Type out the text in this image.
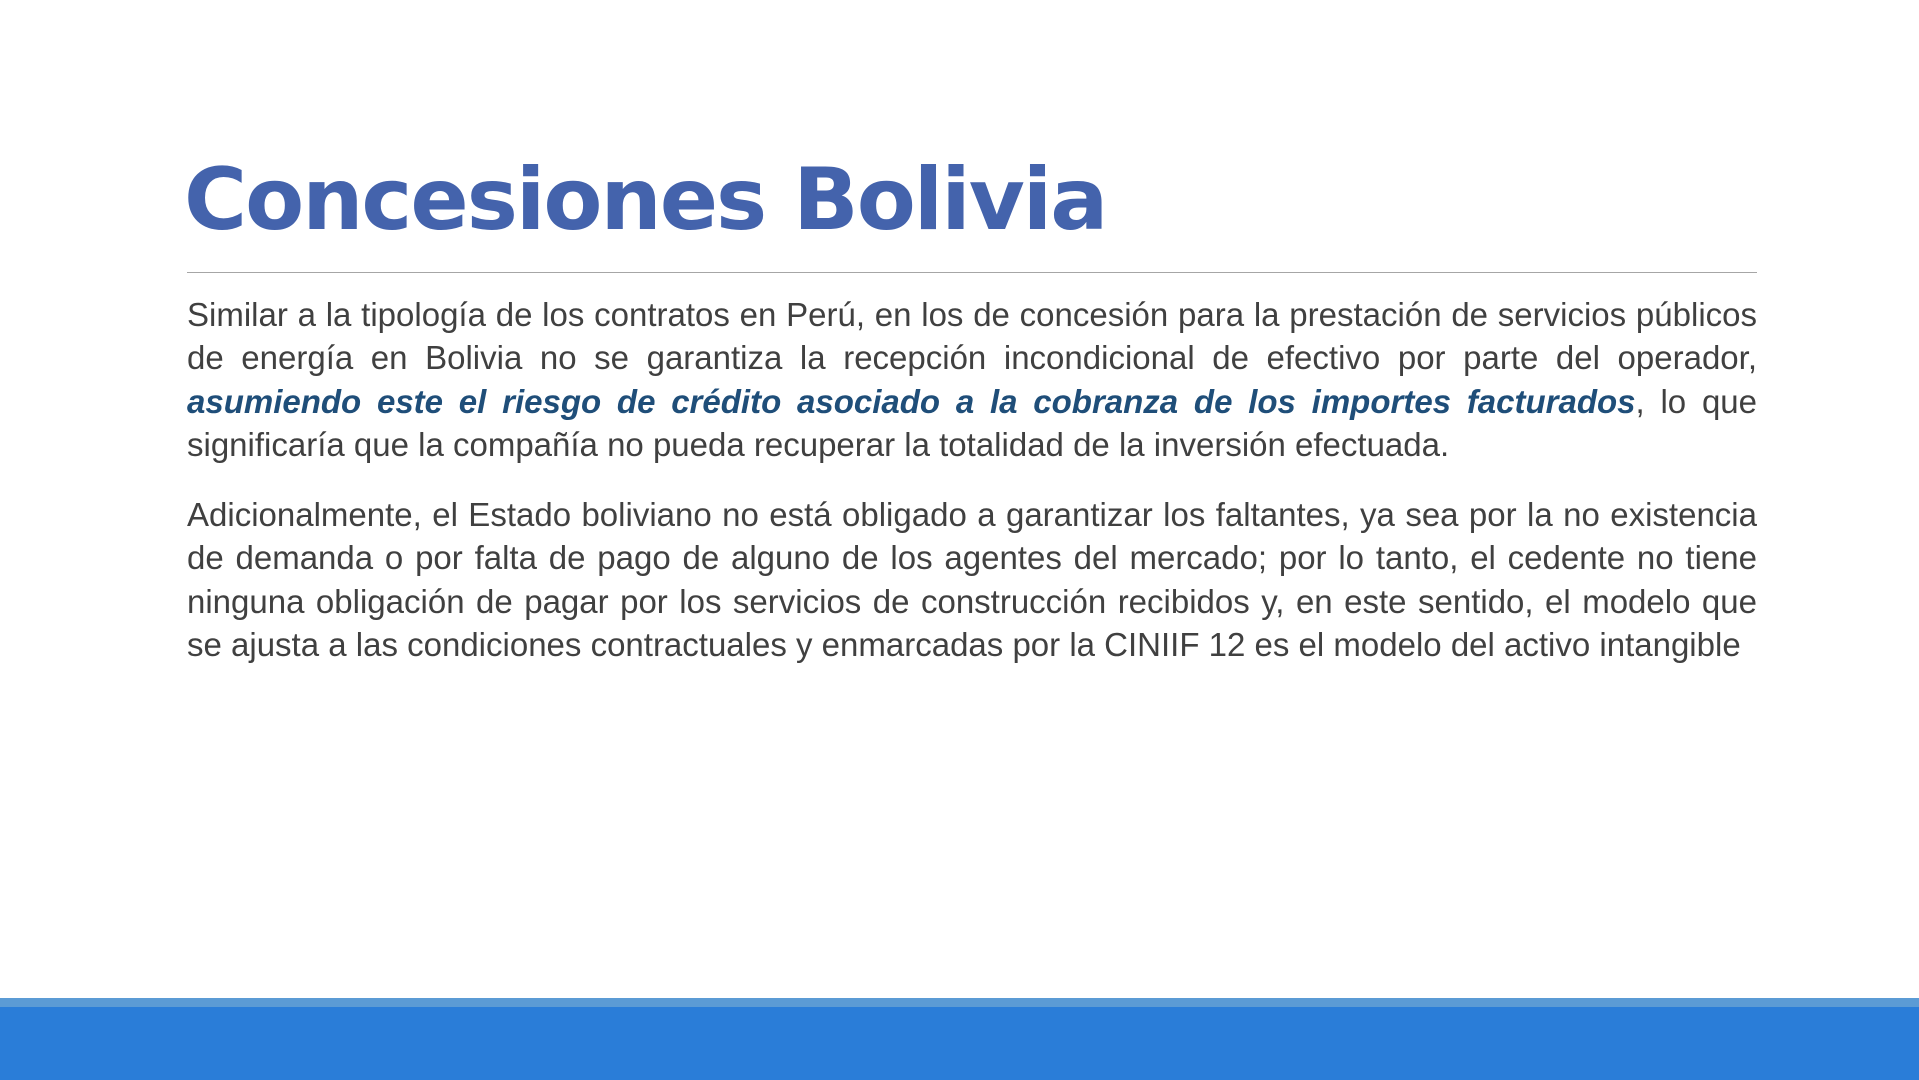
Concesiones Bolivia

Similar a la tipología de los contratos en Perú, en los de concesión para la prestación de servicios públicos de energía en Bolivia no se garantiza la recepción incondicional de efectivo por parte del operador, asumiendo este el riesgo de crédito asociado a la cobranza de los importes facturados, lo que significaría que la compañía no pueda recuperar la totalidad de la inversión efectuada.

Adicionalmente, el Estado boliviano no está obligado a garantizar los faltantes, ya sea por la no existencia de demanda o por falta de pago de alguno de los agentes del mercado; por lo tanto, el cedente no tiene ninguna obligación de pagar por los servicios de construcción recibidos y, en este sentido, el modelo que se ajusta a las condiciones contractuales y enmarcadas por la CINIIF 12 es el modelo del activo intangible
